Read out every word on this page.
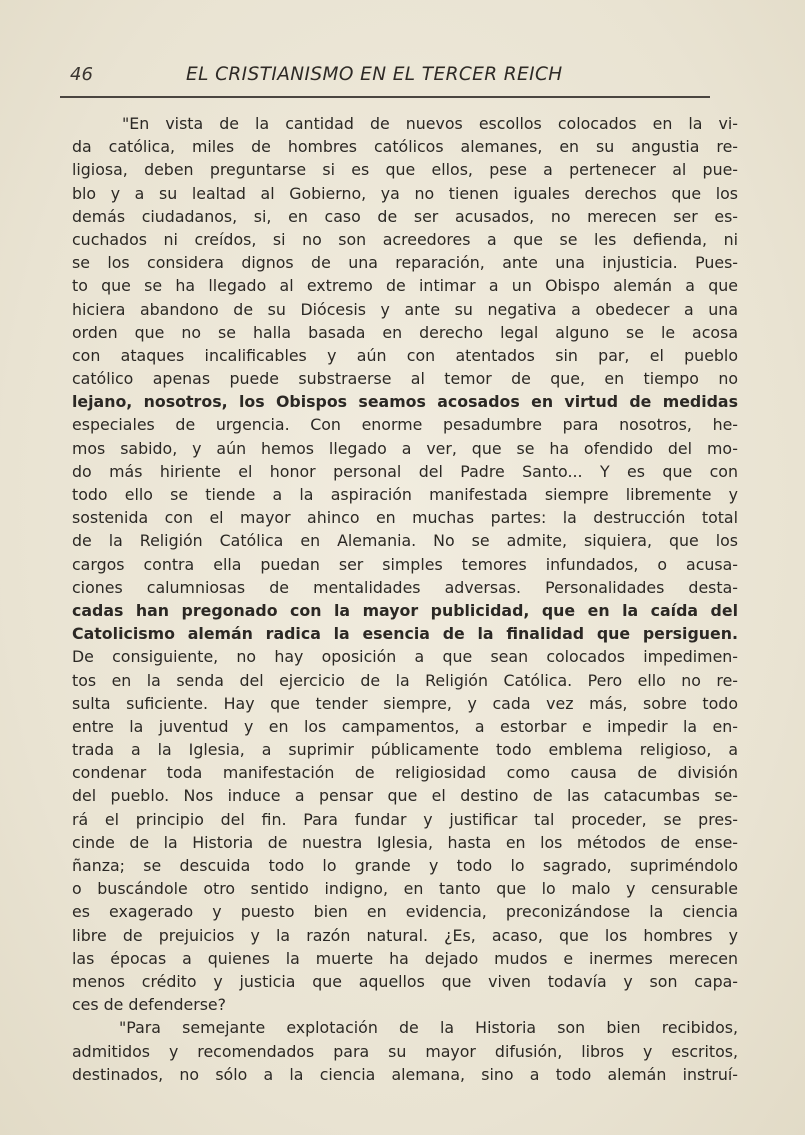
46	EL CRISTIANISMO EN EL TERCER REICH
"En vista de la cantidad de nuevos escollos colocados en la vi-
da católica, miles de hombres católicos alemanes, en su angustia re-
ligiosa, deben preguntarse si es que ellos, pese a pertenecer al pue-
blo y a su lealtad al Gobierno, ya no tienen iguales derechos que los
demás ciudadanos, si, en caso de ser acusados, no merecen ser es-
cuchados ni creídos, si no son acreedores a que se les defienda, ni
se los considera dignos de una reparación, ante una injusticia. Pues-
to que se ha llegado al extremo de intimar a un Obispo alemán a que
hiciera abandono de su Diócesis y ante su negativa a obedecer a una
orden que no se halla basada en derecho legal alguno se le acosa
con ataques incalificables y aún con atentados sin par, el pueblo
católico apenas puede substraerse al temor de que, en tiempo no
lejano, nosotros, los Obispos seamos acosados en virtud de medidas
especiales de urgencia. Con enorme pesadumbre para nosotros, he-
mos sabido, y aún hemos llegado a ver, que se ha ofendido del mo-
do más hiriente el honor personal del Padre Santo... Y es que con
todo ello se tiende a la aspiración manifestada siempre libremente y
sostenida con el mayor ahinco en muchas partes: la destrucción total
de la Religión Católica en Alemania. No se admite, siquiera, que los
cargos contra ella puedan ser simples temores infundados, o acusa-
ciones calumniosas de mentalidades adversas. Personalidades desta-
cadas han pregonado con la mayor publicidad, que en la caída del
Catolicismo alemán radica la esencia de la finalidad que persiguen.
De consiguiente, no hay oposición a que sean colocados impedimen-
tos en la senda del ejercicio de la Religión Católica. Pero ello no re-
sulta suficiente. Hay que tender siempre, y cada vez más, sobre todo
entre la juventud y en los campamentos, a estorbar e impedir la en-
trada a la Iglesia, a suprimir públicamente todo emblema religioso, a
condenar toda manifestación de religiosidad como causa de división
del pueblo. Nos induce a pensar que el destino de las catacumbas se-
rá el principio del fin. Para fundar y justificar tal proceder, se pres-
cinde de la Historia de nuestra Iglesia, hasta en los métodos de ense-
ñanza; se descuida todo lo grande y todo lo sagrado, supriméndolo
o buscándole otro sentido indigno, en tanto que lo malo y censurable
es exagerado y puesto bien en evidencia, preconizándose la ciencia
libre de prejuicios y la razón natural. ¿Es, acaso, que los hombres y
las épocas a quienes la muerte ha dejado mudos e inermes merecen
menos crédito y justicia que aquellos que viven todavía y son capa-
ces de defenderse?
"Para semejante explotación de la Historia son bien recibidos,
admitidos y recomendados para su mayor difusión, libros y escritos,
destinados, no sólo a la ciencia alemana, sino a todo alemán instruí-
